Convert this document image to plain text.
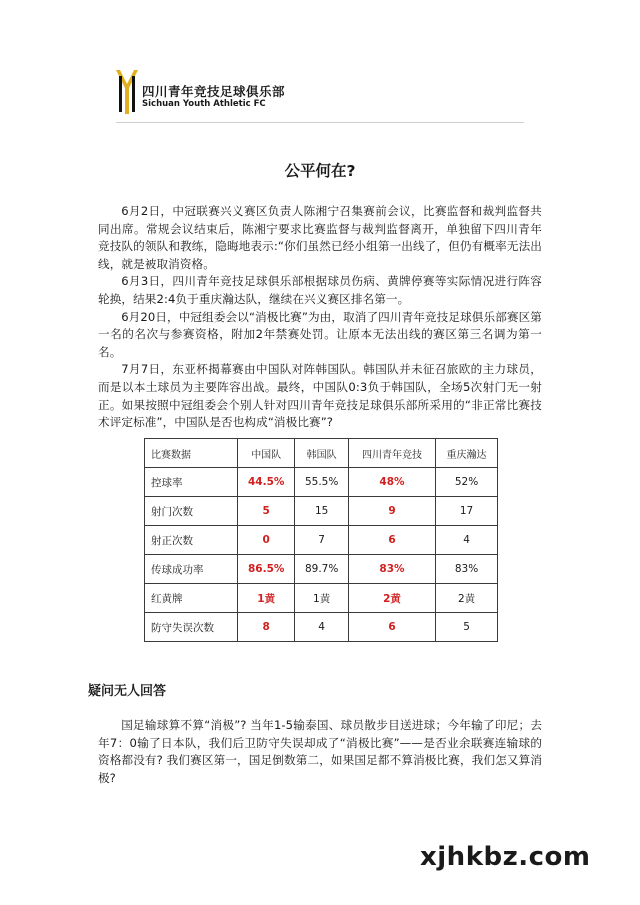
四川青年竞技足球俱乐部
Sichuan Youth Athletic FC
公平何在?

6月2日，中冠联赛兴义赛区负责人陈湘宁召集赛前会议，比赛监督和裁判监督共同出席。常规会议结束后，陈湘宁要求比赛监督与裁判监督离开，单独留下四川青年竞技队的领队和教练，隐晦地表示:“你们虽然已经小组第一出线了，但仍有概率无法出线，就是被取消资格。

6月3日，四川青年竞技足球俱乐部根据球员伤病、黄牌停赛等实际情况进行阵容轮换，结果2:4负于重庆瀚达队，继续在兴义赛区排名第一。

6月20日，中冠组委会以“消极比赛”为由，取消了四川青年竞技足球俱乐部赛区第一名的名次与参赛资格，附加2年禁赛处罚。让原本无法出线的赛区第三名调为第一名。

7月7日，东亚杯揭幕赛由中国队对阵韩国队。韩国队并未征召旅欧的主力球员，而是以本土球员为主要阵容出战。最终，中国队0:3负于韩国队，全场5次射门无一射正。如果按照中冠组委会个别人针对四川青年竞技足球俱乐部所采用的“非正常比赛技术评定标准”，中国队是否也构成“消极比赛”?

比赛数据	中国队	韩国队	四川青年竞技	重庆瀚达
控球率	44.5%	55.5%	48%	52%
射门次数	5	15	9	17
射正次数	0	7	6	4
传球成功率	86.5%	89.7%	83%	83%
红黄牌	1黄	1黄	2黄	2黄
防守失误次数	8	4	6	5
疑问无人回答

国足输球算不算“消极”? 当年1-5输泰国、球员散步目送进球；今年输了印尼；去年7：0输了日本队，我们后卫防守失误却成了“消极比赛”——是否业余联赛连输球的资格都没有? 我们赛区第一，国足倒数第二，如果国足都不算消极比赛，我们怎又算消极?

xjhkbz.com
